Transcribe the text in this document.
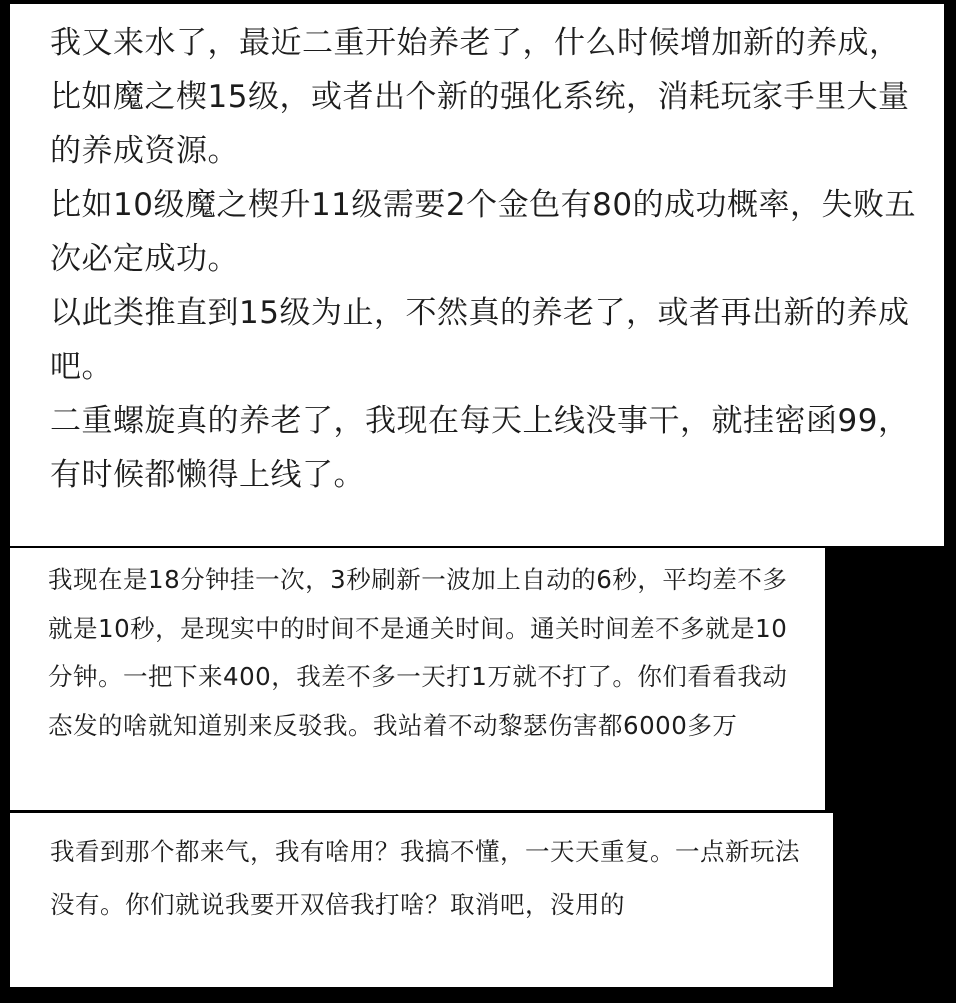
我又来水了，最近二重开始养老了，什么时候增加新的养成，比如魔之楔15级，或者出个新的强化系统，消耗玩家手里大量的养成资源。

比如10级魔之楔升11级需要2个金色有80的成功概率，失败五次必定成功。

以此类推直到15级为止，不然真的养老了，或者再出新的养成吧。

二重螺旋真的养老了，我现在每天上线没事干，就挂密函99，有时候都懒得上线了。

我现在是18分钟挂一次，3秒刷新一波加上自动的6秒，平均差不多就是10秒，是现实中的时间不是通关时间。通关时间差不多就是10分钟。一把下来400，我差不多一天打1万就不打了。你们看看我动态发的啥就知道别来反驳我。我站着不动黎瑟伤害都6000多万

我看到那个都来气，我有啥用？我搞不懂，一天天重复。一点新玩法没有。你们就说我要开双倍我打啥？取消吧，没用的
